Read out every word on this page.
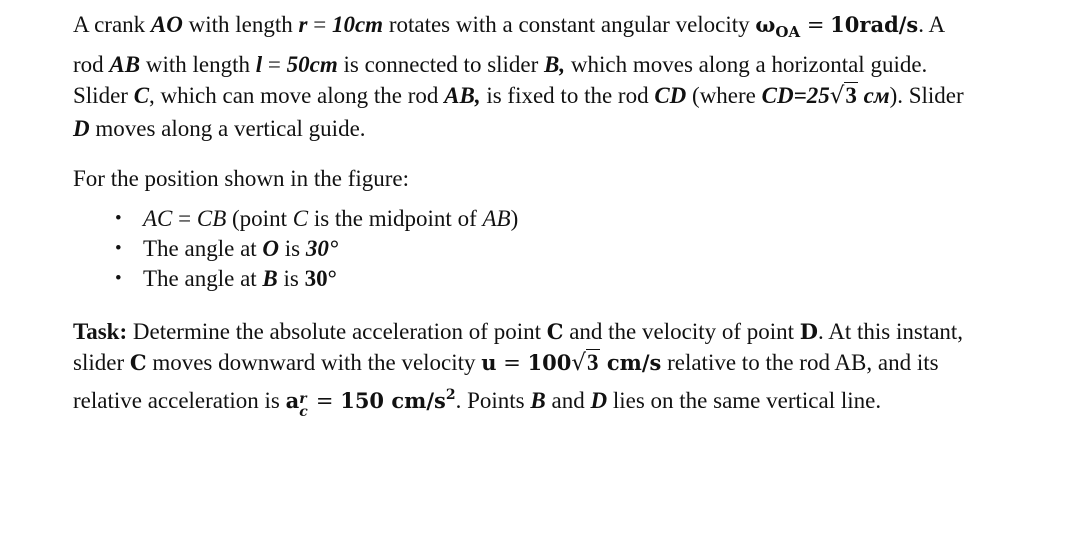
A crank AO with length r = 10cm rotates with a constant angular velocity $\omega_{OA} = 10rad/s$. A rod AB with length l = 50cm is connected to slider B, which moves along a horizontal guide. Slider C, which can move along the rod AB, is fixed to the rod CD (where CD=25√3 см). Slider D moves along a vertical guide.

For the position shown in the figure:

• AC = CB (point C is the midpoint of AB)
• The angle at O is 30°
• The angle at B is 30°

Task: Determine the absolute acceleration of point C and the velocity of point D. At this instant, slider C moves downward with the velocity u = 100√3 cm/s relative to the rod AB, and its relative acceleration is a r
c = 150 $cm/s^2$. Points B and D lies on the same vertical line.
